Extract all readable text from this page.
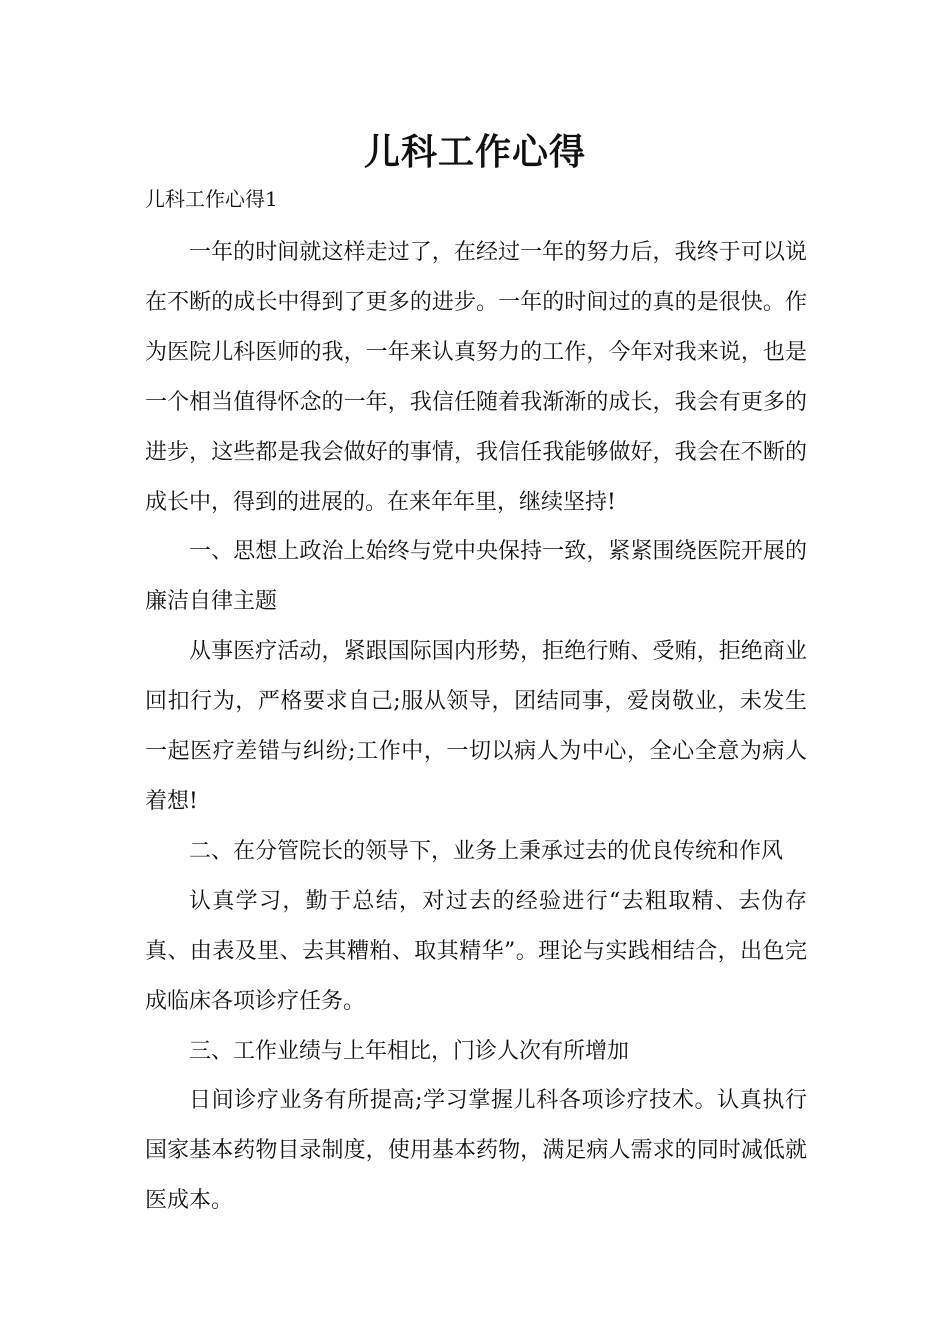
儿科工作心得

儿科工作心得1

一年的时间就这样走过了，在经过一年的努力后，我终于可以说在不断的成长中得到了更多的进步。一年的时间过的真的是很快。作为医院儿科医师的我，一年来认真努力的工作，今年对我来说，也是一个相当值得怀念的一年，我信任随着我渐渐的成长，我会有更多的进步，这些都是我会做好的事情，我信任我能够做好，我会在不断的成长中，得到的进展的。在来年年里，继续坚持!

一、思想上政治上始终与党中央保持一致，紧紧围绕医院开展的廉洁自律主题

从事医疗活动，紧跟国际国内形势，拒绝行贿、受贿，拒绝商业回扣行为，严格要求自己;服从领导，团结同事，爱岗敬业，未发生一起医疗差错与纠纷;工作中，一切以病人为中心，全心全意为病人着想!

二、在分管院长的领导下，业务上秉承过去的优良传统和作风

认真学习，勤于总结，对过去的经验进行“去粗取精、去伪存真、由表及里、去其糟粕、取其精华”。理论与实践相结合，出色完成临床各项诊疗任务。

三、工作业绩与上年相比，门诊人次有所增加

日间诊疗业务有所提高;学习掌握儿科各项诊疗技术。认真执行国家基本药物目录制度，使用基本药物，满足病人需求的同时减低就医成本。
